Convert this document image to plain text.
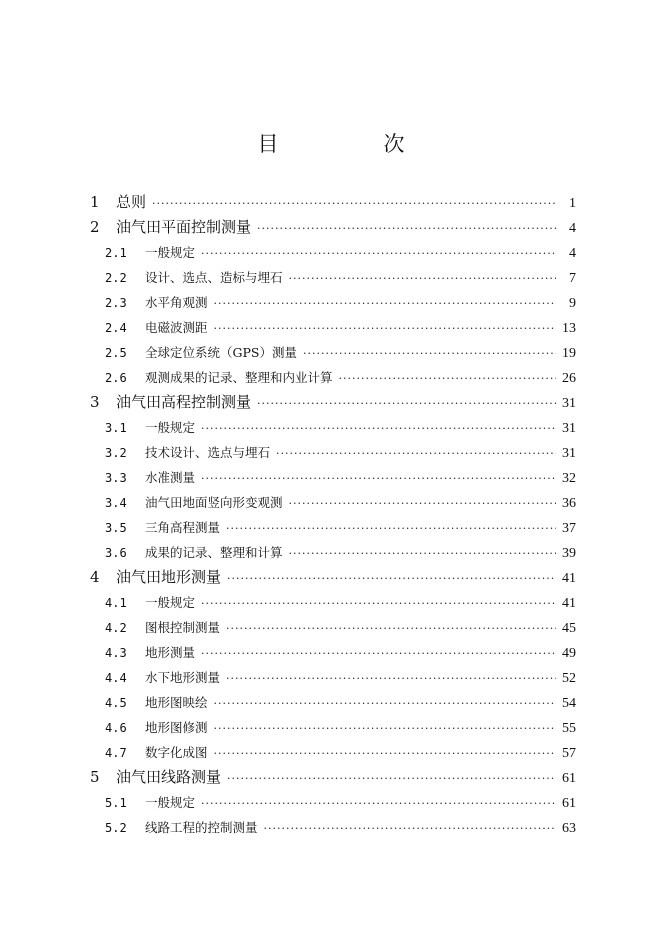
目　次
1	总则 ·····	1
2	油气田平面控制测量 ·····	4
2.1	一般规定 ·····	4
2.2	设计、选点、造标与埋石 ·····	7
2.3	水平角观测 ·····	9
2.4	电磁波测距 ·····	13
2.5	全球定位系统（GPS）测量 ·····	19
2.6	观测成果的记录、整理和内业计算 ·····	26
3	油气田高程控制测量 ·····	31
3.1	一般规定 ·····	31
3.2	技术设计、选点与埋石 ·····	31
3.3	水准测量 ·····	32
3.4	油气田地面竖向形变观测 ·····	36
3.5	三角高程测量 ·····	37
3.6	成果的记录、整理和计算 ·····	39
4	油气田地形测量 ·····	41
4.1	一般规定 ·····	41
4.2	图根控制测量 ·····	45
4.3	地形测量 ·····	49
4.4	水下地形测量 ·····	52
4.5	地形图映绘 ·····	54
4.6	地形图修测 ·····	55
4.7	数字化成图 ·····	57
5	油气田线路测量 ·····	61
5.1	一般规定 ·····	61
5.2	线路工程的控制测量 ·····	63
